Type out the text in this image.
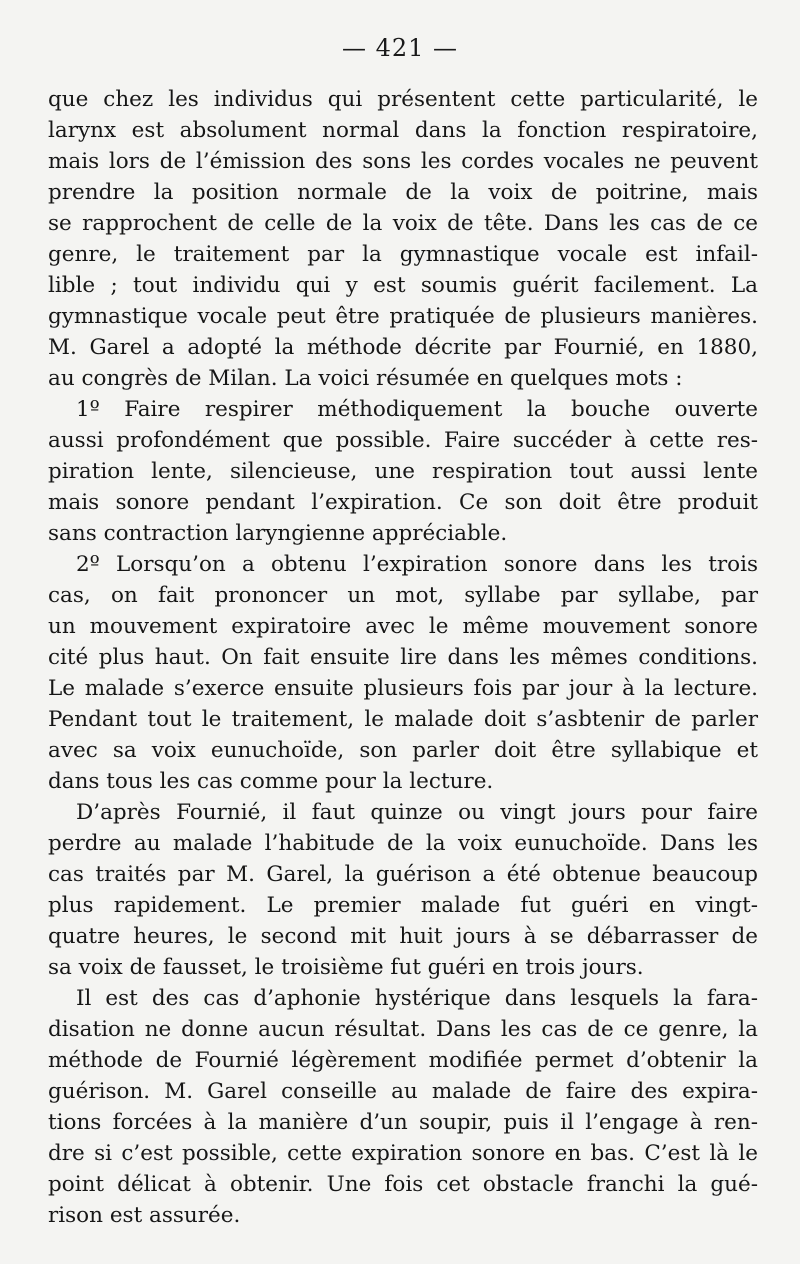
— 421 —
que chez les individus qui présentent cette particularité, le
larynx est absolument normal dans la fonction respiratoire,
mais lors de l’émission des sons les cordes vocales ne peuvent
prendre la position normale de la voix de poitrine, mais
se rapprochent de celle de la voix de tête. Dans les cas de ce
genre, le traitement par la gymnastique vocale est infail-
lible ; tout individu qui y est soumis guérit facilement. La
gymnastique vocale peut être pratiquée de plusieurs manières.
M. Garel a adopté la méthode décrite par Fournié, en 1880,
au congrès de Milan. La voici résumée en quelques mots :
1º Faire respirer méthodiquement la bouche ouverte
aussi profondément que possible. Faire succéder à cette res-
piration lente, silencieuse, une respiration tout aussi lente
mais sonore pendant l’expiration. Ce son doit être produit
sans contraction laryngienne appréciable.
2º Lorsqu’on a obtenu l’expiration sonore dans les trois
cas, on fait prononcer un mot, syllabe par syllabe, par
un mouvement expiratoire avec le même mouvement sonore
cité plus haut. On fait ensuite lire dans les mêmes conditions.
Le malade s’exerce ensuite plusieurs fois par jour à la lecture.
Pendant tout le traitement, le malade doit s’asbtenir de parler
avec sa voix eunuchoïde, son parler doit être syllabique et
dans tous les cas comme pour la lecture.
D’après Fournié, il faut quinze ou vingt jours pour faire
perdre au malade l’habitude de la voix eunuchoïde. Dans les
cas traités par M. Garel, la guérison a été obtenue beaucoup
plus rapidement. Le premier malade fut guéri en vingt-
quatre heures, le second mit huit jours à se débarrasser de
sa voix de fausset, le troisième fut guéri en trois jours.
Il est des cas d’aphonie hystérique dans lesquels la fara-
disation ne donne aucun résultat. Dans les cas de ce genre, la
méthode de Fournié légèrement modifiée permet d’obtenir la
guérison. M. Garel conseille au malade de faire des expira-
tions forcées à la manière d’un soupir, puis il l’engage à ren-
dre si c’est possible, cette expiration sonore en bas. C’est là le
point délicat à obtenir. Une fois cet obstacle franchi la gué-
rison est assurée.
